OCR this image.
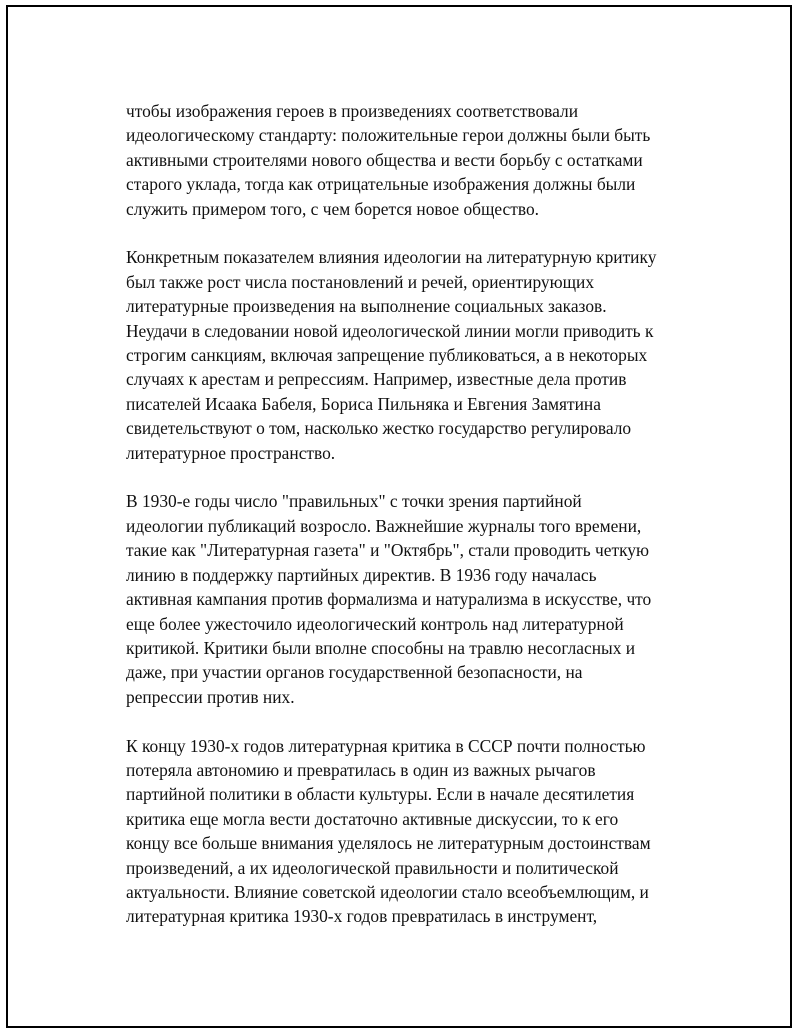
чтобы изображения героев в произведениях соответствовали
идеологическому стандарту: положительные герои должны были быть
активными строителями нового общества и вести борьбу с остатками
старого уклада, тогда как отрицательные изображения должны были
служить примером того, с чем борется новое общество.

Конкретным показателем влияния идеологии на литературную критику
был также рост числа постановлений и речей, ориентирующих
литературные произведения на выполнение социальных заказов.
Неудачи в следовании новой идеологической линии могли приводить к
строгим санкциям, включая запрещение публиковаться, а в некоторых
случаях к арестам и репрессиям. Например, известные дела против
писателей Исаака Бабеля, Бориса Пильняка и Евгения Замятина
свидетельствуют о том, насколько жестко государство регулировало
литературное пространство.

В 1930-е годы число "правильных" с точки зрения партийной
идеологии публикаций возросло. Важнейшие журналы того времени,
такие как "Литературная газета" и "Октябрь", стали проводить четкую
линию в поддержку партийных директив. В 1936 году началась
активная кампания против формализма и натурализма в искусстве, что
еще более ужесточило идеологический контроль над литературной
критикой. Критики были вполне способны на травлю несогласных и
даже, при участии органов государственной безопасности, на
репрессии против них.

К концу 1930-х годов литературная критика в СССР почти полностью
потеряла автономию и превратилась в один из важных рычагов
партийной политики в области культуры. Если в начале десятилетия
критика еще могла вести достаточно активные дискуссии, то к его
концу все больше внимания уделялось не литературным достоинствам
произведений, а их идеологической правильности и политической
актуальности. Влияние советской идеологии стало всеобъемлющим, и
литературная критика 1930-х годов превратилась в инструмент,
